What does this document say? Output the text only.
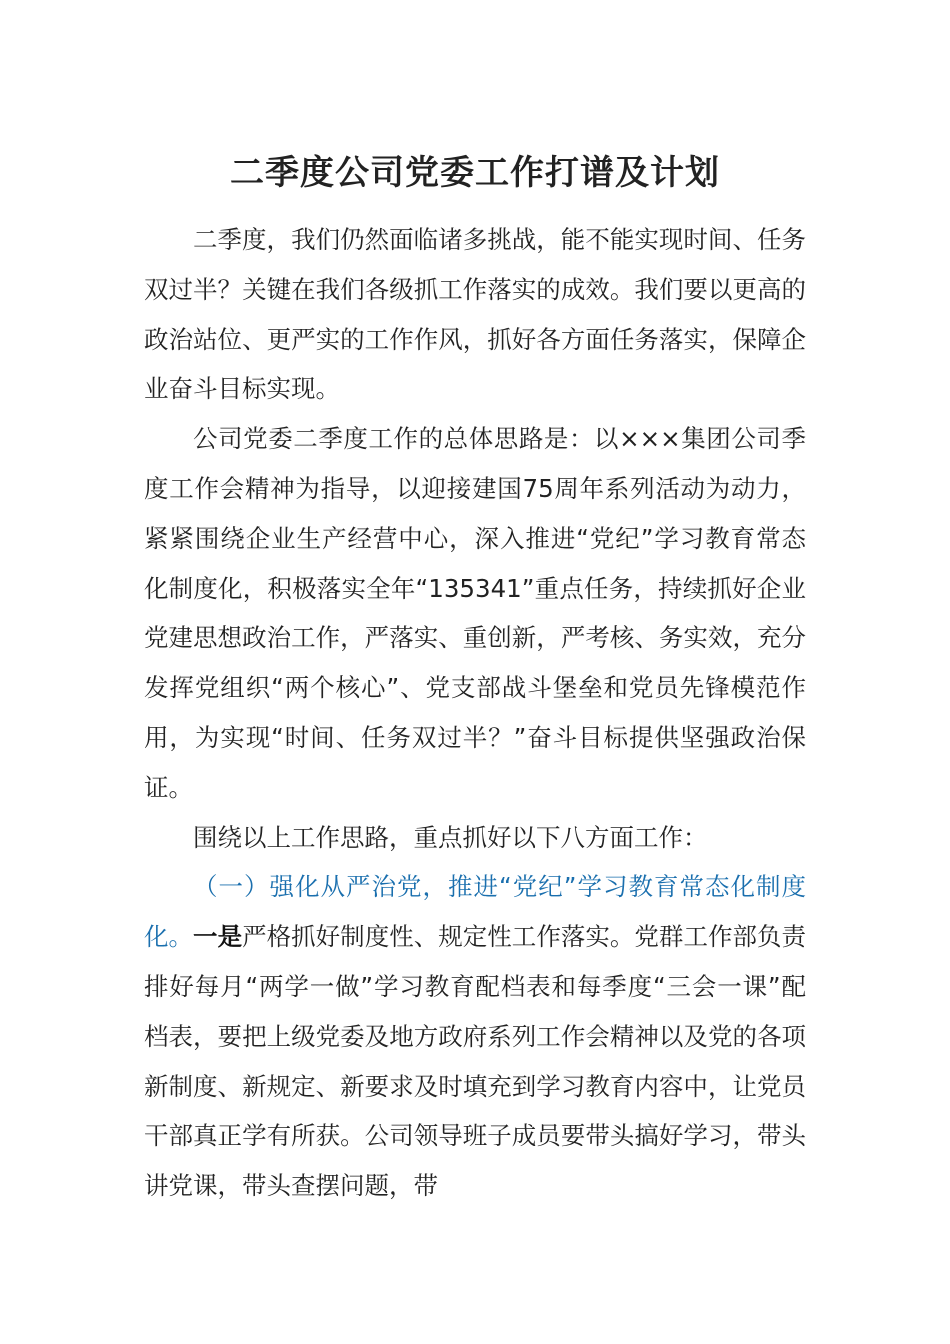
二季度公司党委工作打谱及计划

二季度，我们仍然面临诸多挑战，能不能实现时间、任务双过半？关键在我们各级抓工作落实的成效。我们要以更高的政治站位、更严实的工作作风，抓好各方面任务落实，保障企业奋斗目标实现。

公司党委二季度工作的总体思路是：以×××集团公司季度工作会精神为指导，以迎接建国75周年系列活动为动力，紧紧围绕企业生产经营中心，深入推进“党纪”学习教育常态化制度化，积极落实全年“135341”重点任务，持续抓好企业党建思想政治工作，严落实、重创新，严考核、务实效，充分发挥党组织“两个核心”、党支部战斗堡垒和党员先锋模范作用，为实现“时间、任务双过半？”奋斗目标提供坚强政治保证。

围绕以上工作思路，重点抓好以下八方面工作：

（一）强化从严治党，推进“党纪”学习教育常态化制度化。一是严格抓好制度性、规定性工作落实。党群工作部负责排好每月“两学一做”学习教育配档表和每季度“三会一课”配档表，要把上级党委及地方政府系列工作会精神以及党的各项新制度、新规定、新要求及时填充到学习教育内容中，让党员干部真正学有所获。公司领导班子成员要带头搞好学习，带头讲党课，带头查摆问题，带
